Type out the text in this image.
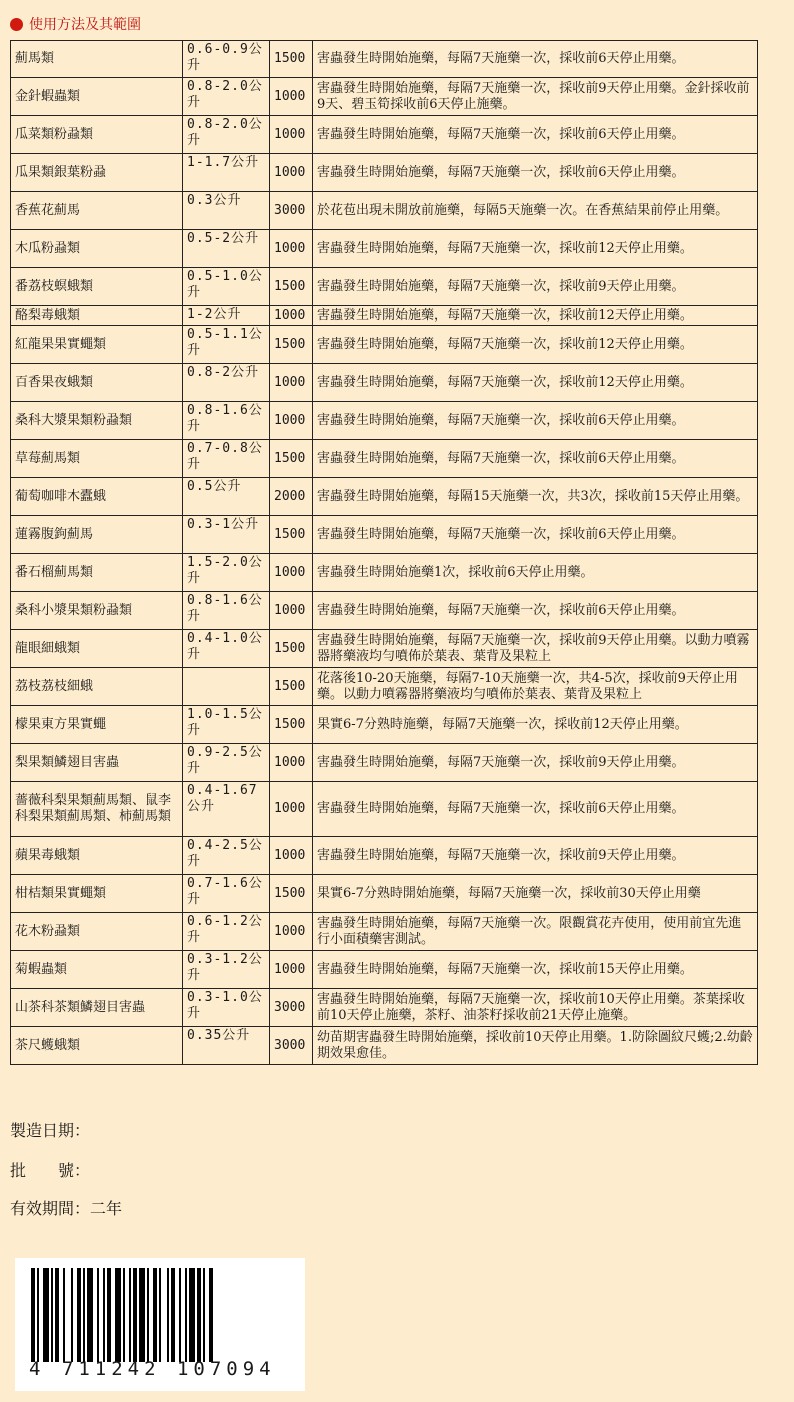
使用方法及其範圍
薊馬類	0.6-0.9公升	1500	害蟲發生時開始施藥，每隔7天施藥一次，採收前6天停止用藥。
金針蝦蟲類	0.8-2.0公升	1000	害蟲發生時開始施藥，每隔7天施藥一次，採收前9天停止用藥。金針採收前9天、碧玉筍採收前6天停止施藥。
瓜菜類粉蝨類	0.8-2.0公升	1000	害蟲發生時開始施藥，每隔7天施藥一次，採收前6天停止用藥。
瓜果類銀葉粉蝨	1-1.7公升	1000	害蟲發生時開始施藥，每隔7天施藥一次，採收前6天停止用藥。
香蕉花薊馬	0.3公升	3000	於花苞出現未開放前施藥，每隔5天施藥一次。在香蕉結果前停止用藥。
木瓜粉蝨類	0.5-2公升	1000	害蟲發生時開始施藥，每隔7天施藥一次，採收前12天停止用藥。
番荔枝螟蛾類	0.5-1.0公升	1500	害蟲發生時開始施藥，每隔7天施藥一次，採收前9天停止用藥。
酪梨毒蛾類	1-2公升	1000	害蟲發生時開始施藥，每隔7天施藥一次，採收前12天停止用藥。
紅龍果果實蠅類	0.5-1.1公升	1500	害蟲發生時開始施藥，每隔7天施藥一次，採收前12天停止用藥。
百香果夜蛾類	0.8-2公升	1000	害蟲發生時開始施藥，每隔7天施藥一次，採收前12天停止用藥。
桑科大漿果類粉蝨類	0.8-1.6公升	1000	害蟲發生時開始施藥，每隔7天施藥一次，採收前6天停止用藥。
草莓薊馬類	0.7-0.8公升	1500	害蟲發生時開始施藥，每隔7天施藥一次，採收前6天停止用藥。
葡萄咖啡木蠹蛾	0.5公升	2000	害蟲發生時開始施藥，每隔15天施藥一次，共3次，採收前15天停止用藥。
蓮霧腹鉤薊馬	0.3-1公升	1500	害蟲發生時開始施藥，每隔7天施藥一次，採收前6天停止用藥。
番石榴薊馬類	1.5-2.0公升	1000	害蟲發生時開始施藥1次，採收前6天停止用藥。
桑科小漿果類粉蝨類	0.8-1.6公升	1000	害蟲發生時開始施藥，每隔7天施藥一次，採收前6天停止用藥。
龍眼細蛾類	0.4-1.0公升	1500	害蟲發生時開始施藥，每隔7天施藥一次，採收前9天停止用藥。以動力噴霧器將藥液均勻噴佈於葉表、葉背及果粒上
荔枝荔枝細蛾		1500	花落後10-20天施藥，每隔7-10天施藥一次，共4-5次，採收前9天停止用藥。以動力噴霧器將藥液均勻噴佈於葉表、葉背及果粒上
檬果東方果實蠅	1.0-1.5公升	1500	果實6-7分熟時施藥，每隔7天施藥一次，採收前12天停止用藥。
梨果類鱗翅目害蟲	0.9-2.5公升	1000	害蟲發生時開始施藥，每隔7天施藥一次，採收前9天停止用藥。
薔薇科梨果類薊馬類、鼠李科梨果類薊馬類、柿薊馬類	0.4-1.67公升	1000	害蟲發生時開始施藥，每隔7天施藥一次，採收前6天停止用藥。
蘋果毒蛾類	0.4-2.5公升	1000	害蟲發生時開始施藥，每隔7天施藥一次，採收前9天停止用藥。
柑桔類果實蠅類	0.7-1.6公升	1500	果實6-7分熟時開始施藥，每隔7天施藥一次，採收前30天停止用藥
花木粉蝨類	0.6-1.2公升	1000	害蟲發生時開始施藥，每隔7天施藥一次。限觀賞花卉使用，使用前宜先進行小面積藥害測試。
菊蝦蟲類	0.3-1.2公升	1000	害蟲發生時開始施藥，每隔7天施藥一次，採收前15天停止用藥。
山茶科茶類鱗翅目害蟲	0.3-1.0公升	3000	害蟲發生時開始施藥，每隔7天施藥一次，採收前10天停止用藥。茶葉採收前10天停止施藥，茶籽、油茶籽採收前21天停止施藥。
茶尺蠖蛾類	0.35公升	3000	幼苗期害蟲發生時開始施藥，採收前10天停止用藥。1.防除圖紋尺蠖;2.幼齡期效果愈佳。
製造日期：
批　　號：
有效期間：二年
4 711242 107094
